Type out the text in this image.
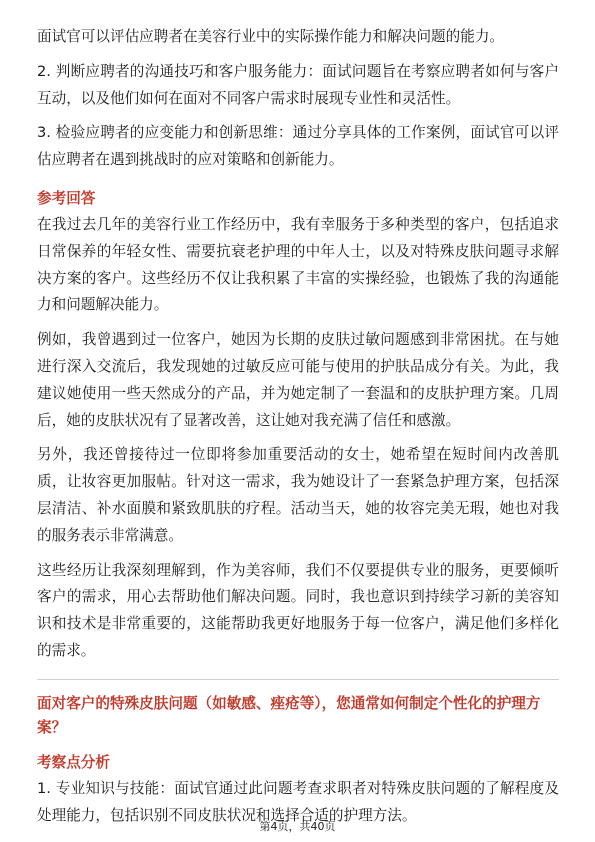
面试官可以评估应聘者在美容行业中的实际操作能力和解决问题的能力。

2. 判断应聘者的沟通技巧和客户服务能力：面试问题旨在考察应聘者如何与客户互动，以及他们如何在面对不同客户需求时展现专业性和灵活性。

3. 检验应聘者的应变能力和创新思维：通过分享具体的工作案例，面试官可以评估应聘者在遇到挑战时的应对策略和创新能力。

参考回答

在我过去几年的美容行业工作经历中，我有幸服务于多种类型的客户，包括追求日常保养的年轻女性、需要抗衰老护理的中年人士，以及对特殊皮肤问题寻求解决方案的客户。这些经历不仅让我积累了丰富的实操经验，也锻炼了我的沟通能力和问题解决能力。

例如，我曾遇到过一位客户，她因为长期的皮肤过敏问题感到非常困扰。在与她进行深入交流后，我发现她的过敏反应可能与使用的护肤品成分有关。为此，我建议她使用一些天然成分的产品，并为她定制了一套温和的皮肤护理方案。几周后，她的皮肤状况有了显著改善，这让她对我充满了信任和感激。

另外，我还曾接待过一位即将参加重要活动的女士，她希望在短时间内改善肌质，让妆容更加服帖。针对这一需求，我为她设计了一套紧急护理方案，包括深层清洁、补水面膜和紧致肌肤的疗程。活动当天，她的妆容完美无瑕，她也对我的服务表示非常满意。

这些经历让我深刻理解到，作为美容师，我们不仅要提供专业的服务，更要倾听客户的需求，用心去帮助他们解决问题。同时，我也意识到持续学习新的美容知识和技术是非常重要的，这能帮助我更好地服务于每一位客户，满足他们多样化的需求。

面对客户的特殊皮肤问题（如敏感、痤疮等），您通常如何制定个性化的护理方案？
考察点分析

1. 专业知识与技能：面试官通过此问题考查求职者对特殊皮肤问题的了解程度及处理能力，包括识别不同皮肤状况和选择合适的护理方法。

第4页，共40页
